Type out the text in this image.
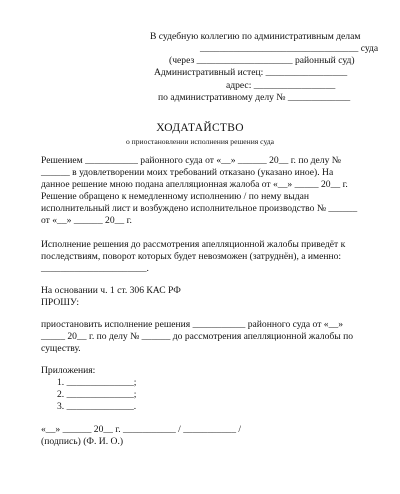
В судебную коллегию по административным делам
_________________________________ суда
(через ____________________ районный суд)
Административный истец: _________________
адрес: _________________
по административному делу № _____________
ХОДАТАЙСТВО
о приостановлении исполнения решения суда
Решением ___________ районного суда от «__» ______ 20__ г. по делу №
______ в удовлетворении моих требований отказано (указано иное). На
данное решение мною подана апелляционная жалоба от «__» _____ 20__ г.
Решение обращено к немедленному исполнению / по нему выдан
исполнительный лист и возбуждено исполнительное производство № ______
от «__» ______ 20__ г.
Исполнение решения до рассмотрения апелляционной жалобы приведёт к
последствиям, поворот которых будет невозможен (затруднён), а именно:
______________________.
На основании ч. 1 ст. 306 КАС РФ
ПРОШУ:
приостановить исполнение решения ___________ районного суда от «__»
_____ 20__ г. по делу № ______ до рассмотрения апелляционной жалобы по
существу.
Приложения:
1. ______________;
2. ______________;
3. ______________.
«__» ______ 20__ г. ___________ / ___________ /
(подпись) (Ф. И. О.)
